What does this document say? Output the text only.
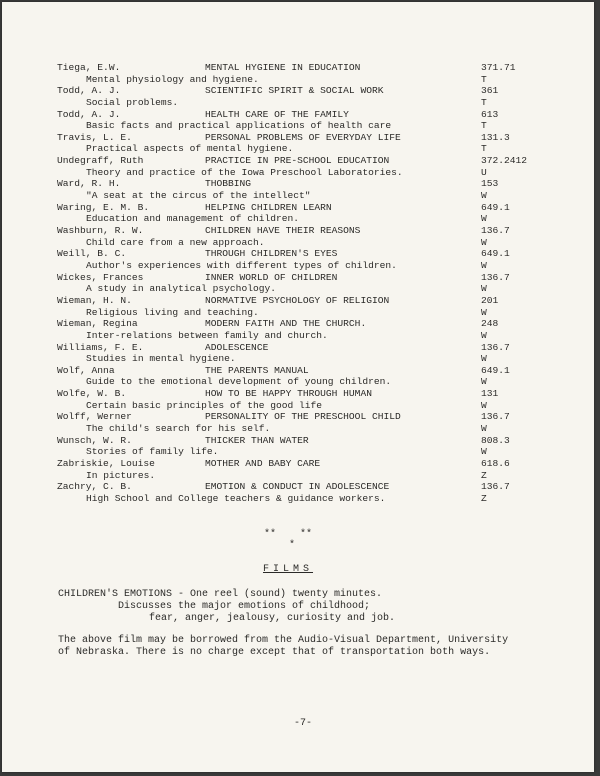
Tiega, E.W.	MENTAL HYGIENE IN EDUCATION	371.71
Mental physiology and hygiene.	T
Todd, A. J.	SCIENTIFIC SPIRIT & SOCIAL WORK	361
Social problems.	T
Todd, A. J.	HEALTH CARE OF THE FAMILY	613
Basic facts and practical applications of health care	T
Travis, L. E.	PERSONAL PROBLEMS OF EVERYDAY LIFE	131.3
Practical aspects of mental hygiene.	T
Undegraff, Ruth	PRACTICE IN PRE-SCHOOL EDUCATION	372.2412
Theory and practice of the Iowa Preschool Laboratories.	U
Ward, R. H.	THOBBING	153
"A seat at the circus of the intellect"	W
Waring, E. M. B.	HELPING CHILDREN LEARN	649.1
Education and management of children.	W
Washburn, R. W.	CHILDREN HAVE THEIR REASONS	136.7
Child care from a new approach.	W
Weill, B. C.	THROUGH CHILDREN'S EYES	649.1
Author's experiences with different types of children.	W
Wickes, Frances	INNER WORLD OF CHILDREN	136.7
A study in analytical psychology.	W
Wieman, H. N.	NORMATIVE PSYCHOLOGY OF RELIGION	201
Religious living and teaching.	W
Wieman, Regina	MODERN FAITH AND THE CHURCH.	248
Inter-relations between family and church.	W
Williams, F. E.	ADOLESCENCE	136.7
Studies in mental hygiene.	W
Wolf, Anna	THE PARENTS MANUAL	649.1
Guide to the emotional development of young children.	W
Wolfe, W. B.	HOW TO BE HAPPY THROUGH HUMAN	131
Certain basic principles of the good life	W
Wolff, Werner	PERSONALITY OF THE PRESCHOOL CHILD	136.7
The child's search for his self.	W
Wunsch, W. R.	THICKER THAN WATER	808.3
Stories of family life.	W
Zabriskie, Louise	MOTHER AND BABY CARE	618.6
In pictures.	Z
Zachry, C. B.	EMOTION & CONDUCT IN ADOLESCENCE	136.7
High School and College teachers & guidance workers.	Z
**    **
*
FILMS
CHILDREN'S EMOTIONS - One reel (sound) twenty minutes.
Discusses the major emotions of childhood;
fear, anger, jealousy, curiosity and job.
The above film may be borrowed from the Audio-Visual Department, University
of Nebraska. There is no charge except that of transportation both ways.
-7-
